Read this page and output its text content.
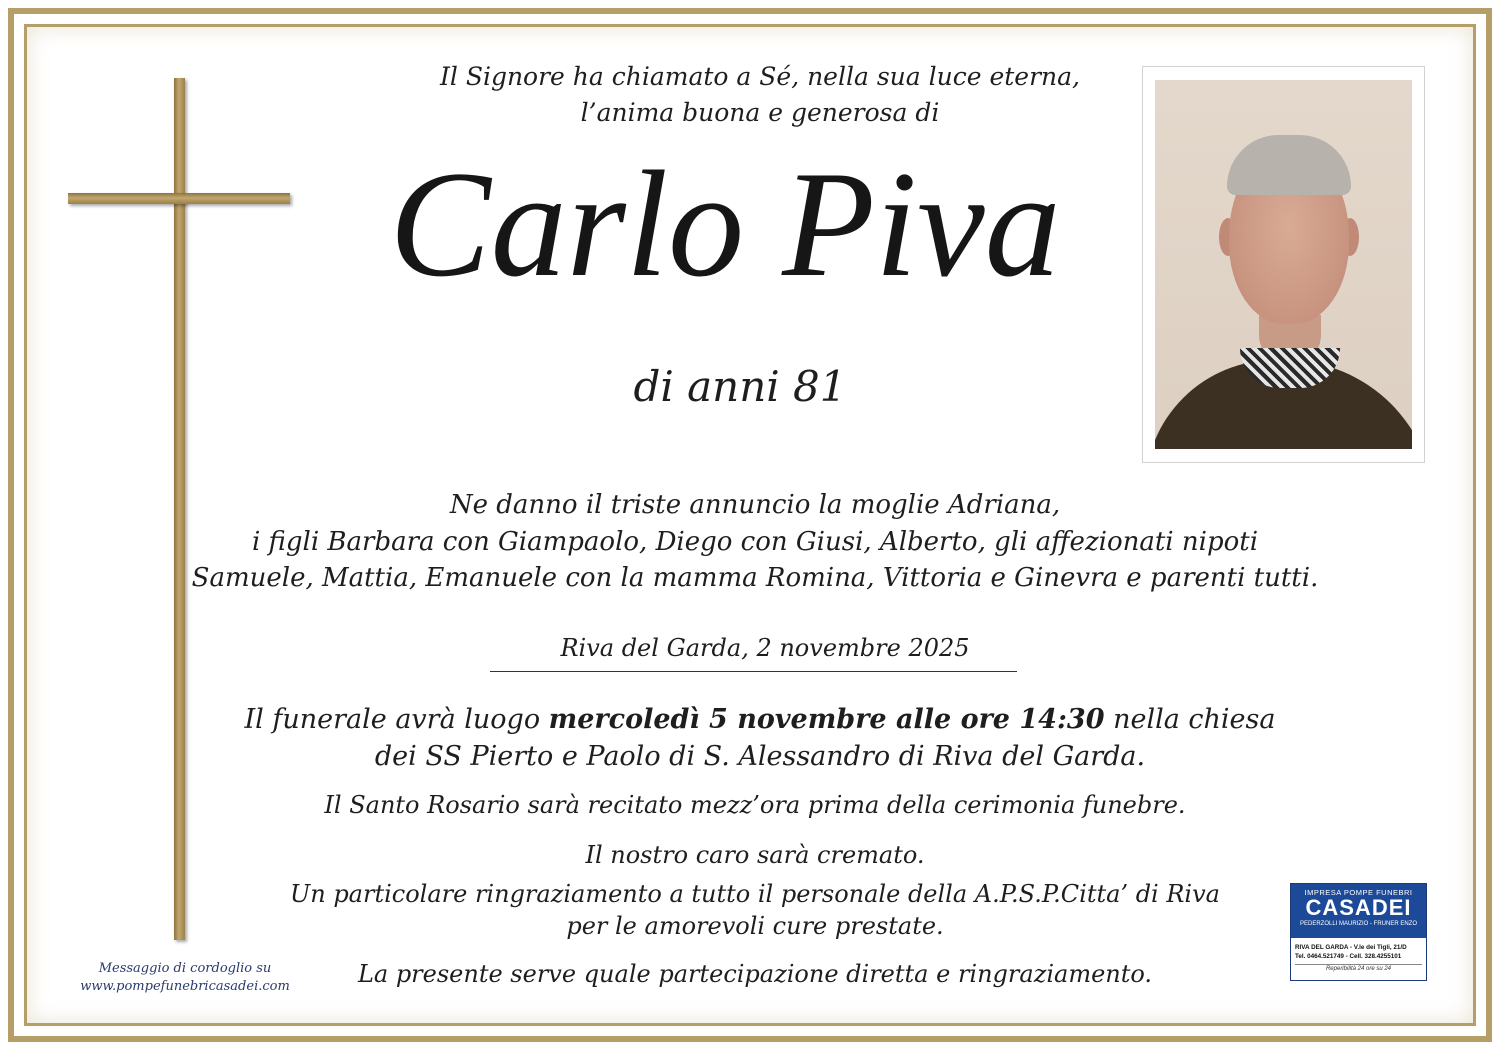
Il Signore ha chiamato a Sé, nella sua luce eterna,
l’anima buona e generosa di
Carlo Piva
di anni 81
Ne danno il triste annuncio la moglie Adriana,
i figli Barbara con Giampaolo, Diego con Giusi, Alberto, gli affezionati nipoti
Samuele, Mattia, Emanuele con la mamma Romina, Vittoria e Ginevra e parenti tutti.
Riva del Garda, 2 novembre 2025
Il funerale avrà luogo mercoledì 5 novembre alle ore 14:30 nella chiesa
dei SS Pierto e Paolo di S. Alessandro di Riva del Garda.
Il Santo Rosario sarà recitato mezz’ora prima della cerimonia funebre.
Il nostro caro sarà cremato.
Un particolare ringraziamento a tutto il personale della A.P.S.P.Citta’ di Riva
per le amorevoli cure prestate.
La presente serve quale partecipazione diretta e ringraziamento.
Messaggio di cordoglio su
www.pompefunebricasadei.com
IMPRESA POMPE FUNEBRI
CASADEI
PEDERZOLLI MAURIZIO - FRUNER ENZO
RIVA DEL GARDA - V.le dei Tigli, 21/D
Tel. 0464.521749 - Cell. 328.4255101
Reperibilità 24 ore su 24
